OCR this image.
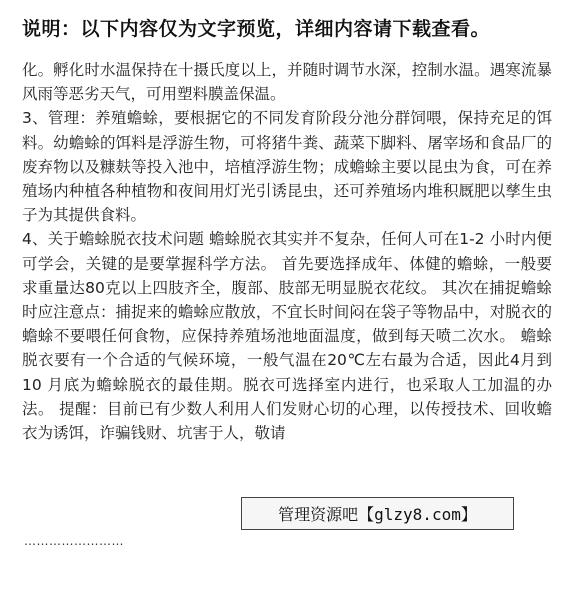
说明：以下内容仅为文字预览，详细内容请下载查看。

化。孵化时水温保持在十摄氏度以上，并随时调节水深，控制水温。遇寒流暴风雨等恶劣天气，可用塑料膜盖保温。

3、管理：养殖蟾蜍，要根据它的不同发育阶段分池分群饲喂，保持充足的饵料。幼蟾蜍的饵料是浮游生物，可将猪牛粪、蔬菜下脚料、屠宰场和食品厂的废弃物以及糠麸等投入池中，培植浮游生物；成蟾蜍主要以昆虫为食，可在养殖场内种植各种植物和夜间用灯光引诱昆虫，还可养殖场内堆积厩肥以孳生虫子为其提供食料。

4、关于蟾蜍脱衣技术问题 蟾蜍脱衣其实并不复杂，任何人可在1-2 小时内便可学会，关键的是要掌握科学方法。 首先要选择成年、体健的蟾蜍，一般要求重量达80克以上四肢齐全，腹部、肢部无明显脱衣花纹。 其次在捕捉蟾蜍时应注意点：捕捉来的蟾蜍应散放，不宜长时间闷在袋子等物品中，对脱衣的蟾蜍不要喂任何食物，应保持养殖场池地面温度，做到每天喷二次水。 蟾蜍脱衣要有一个合适的气候环境，一般气温在20℃左右最为合适，因此4月到10 月底为蟾蜍脱衣的最佳期。脱衣可选择室内进行，也采取人工加温的办法。 提醒：目前已有少数人利用人们发财心切的心理，以传授技术、回收蟾衣为诱饵，诈骗钱财、坑害于人，敬请

管理资源吧【glzy8.com】
……………………
